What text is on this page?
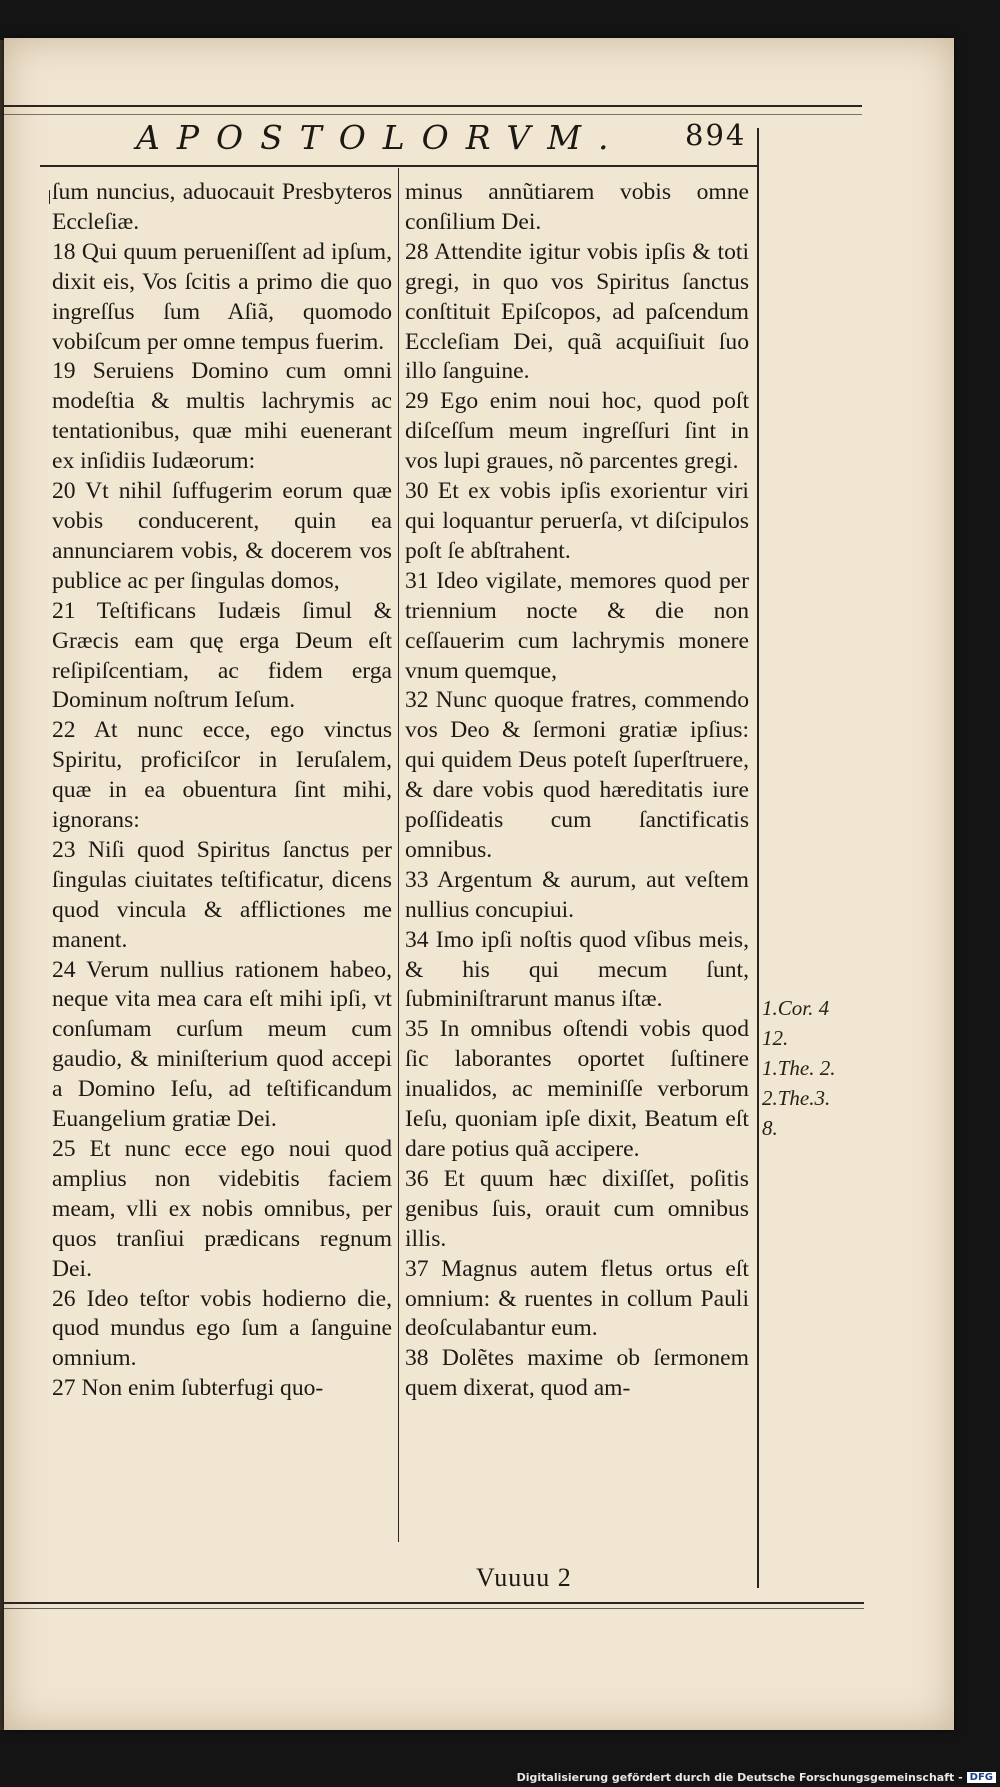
APOSTOLORVM. 894

ſum nuncius, aduocauit Presbyteros Eccleſiæ.

18 Qui quum perueniſſent ad ipſum, dixit eis, Vos ſcitis a primo die quo ingreſſus ſum Aſiã, quomodo vobiſcum per omne tempus fuerim.

19 Seruiens Domino cum omni modeſtia & multis lachrymis ac tentationibus, quæ mihi euenerant ex inſidiis Iudæorum:

20 Vt nihil ſuffugerim eorum quæ vobis conducerent, quin ea annunciarem vobis, & docerem vos publice ac per ſingulas domos,

21 Teſtificans Iudæis ſimul & Græcis eam quę erga Deum eſt reſipiſcentiam, ac fidem erga Dominum noſtrum Ieſum.

22 At nunc ecce, ego vinctus Spiritu, proficiſcor in Ieruſalem, quæ in ea obuentura ſint mihi, ignorans:

23 Niſi quod Spiritus ſanctus per ſingulas ciuitates teſtificatur, dicens quod vincula & afflictiones me manent.

24 Verum nullius rationem habeo, neque vita mea cara eſt mihi ipſi, vt conſumam curſum meum cum gaudio, & miniſterium quod accepi a Domino Ieſu, ad teſtificandum Euangelium gratiæ Dei.

25 Et nunc ecce ego noui quod amplius non videbitis faciem meam, vlli ex nobis omnibus, per quos tranſiui prædicans regnum Dei.

26 Ideo teſtor vobis hodierno die, quod mundus ego ſum a ſanguine omnium.

27 Non enim ſubterfugi quo-

minus annũtiarem vobis omne conſilium Dei.

28 Attendite igitur vobis ipſis & toti gregi, in quo vos Spiritus ſanctus conſtituit Epiſcopos, ad paſcendum Eccleſiam Dei, quã acquiſiuit ſuo illo ſanguine.

29 Ego enim noui hoc, quod poſt diſceſſum meum ingreſſuri ſint in vos lupi graues, nõ parcentes gregi.

30 Et ex vobis ipſis exorientur viri qui loquantur peruerſa, vt diſcipulos poſt ſe abſtrahent.

31 Ideo vigilate, memores quod per triennium nocte & die non ceſſauerim cum lachrymis monere vnum quemque,

32 Nunc quoque fratres, commendo vos Deo & ſermoni gratiæ ipſius: qui quidem Deus poteſt ſuperſtruere, & dare vobis quod hæreditatis iure poſſideatis cum ſanctificatis omnibus.

33 Argentum & aurum, aut veſtem nullius concupiui.

34 Imo ipſi noſtis quod vſibus meis, & his qui mecum ſunt, ſubminiſtrarunt manus iſtæ.

35 In omnibus oſtendi vobis quod ſic laborantes oportet ſuſtinere inualidos, ac meminiſſe verborum Ieſu, quoniam ipſe dixit, Beatum eſt dare potius quã accipere.

36 Et quum hæc dixiſſet, poſitis genibus ſuis, orauit cum omnibus illis.

37 Magnus autem fletus ortus eſt omnium: & ruentes in collum Pauli deoſculabantur eum.

38 Dolẽtes maxime ob ſermonem quem dixerat, quod am-

1.Cor. 4
12.
1.The. 2.
2.The.3.
8.
Vuuuu 2
Digitalisierung gefördert durch die Deutsche Forschungsgemeinschaft - DFG
